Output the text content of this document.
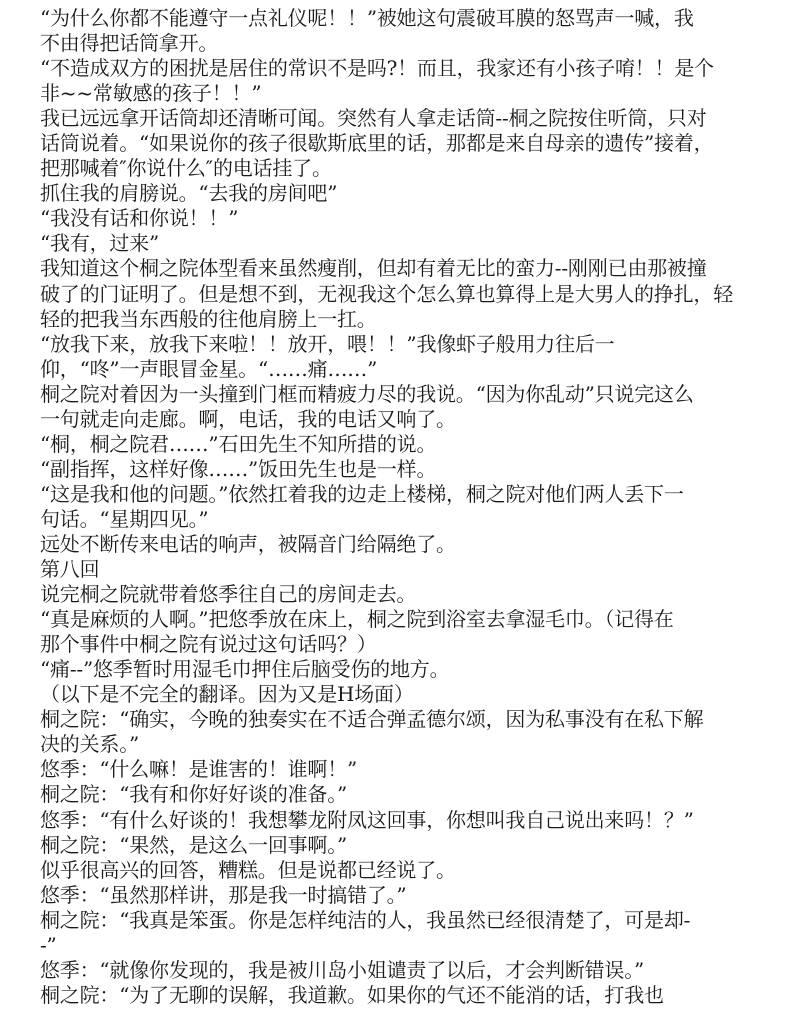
“为什么你都不能遵守一点礼仪呢！！”被她这句震破耳膜的怒骂声一喊，我
不由得把话筒拿开。
“不造成双方的困扰是居住的常识不是吗?！而且，我家还有小孩子唷！！是个
非~~常敏感的孩子！！”
我已远远拿开话筒却还清晰可闻。突然有人拿走话筒--桐之院按住听筒，只对
话筒说着。“如果说你的孩子很歇斯底里的话，那都是来自母亲的遗传”接着，
把那喊着″你说什么″的电话挂了。
抓住我的肩膀说。“去我的房间吧”
“我没有话和你说！！”
“我有，过来”
我知道这个桐之院体型看来虽然瘦削，但却有着无比的蛮力--刚刚已由那被撞
破了的门证明了。但是想不到，无视我这个怎么算也算得上是大男人的挣扎，轻
轻的把我当东西般的往他肩膀上一扛。
“放我下来，放我下来啦！！放开，喂！！”我像虾子般用力往后一
仰，“咚”一声眼冒金星。“……痛……”
桐之院对着因为一头撞到门框而精疲力尽的我说。“因为你乱动”只说完这么
一句就走向走廊。啊，电话，我的电话又响了。
“桐，桐之院君……”石田先生不知所措的说。
“副指挥，这样好像……”饭田先生也是一样。
“这是我和他的问题。”依然扛着我的边走上楼梯，桐之院对他们两人丢下一
句话。“星期四见。”
远处不断传来电话的响声，被隔音门给隔绝了。
第八回
说完桐之院就带着悠季往自己的房间走去。
“真是麻烦的人啊。”把悠季放在床上，桐之院到浴室去拿湿毛巾。（记得在
那个事件中桐之院有说过这句话吗？）
“痛--”悠季暂时用湿毛巾押住后脑受伤的地方。
（以下是不完全的翻译。因为又是H场面）
桐之院：“确实，今晚的独奏实在不适合弹孟德尔颂，因为私事没有在私下解
决的关系。”
悠季：“什么嘛！是谁害的！谁啊！”
桐之院：“我有和你好好谈的准备。”
悠季：“有什么好谈的！我想攀龙附凤这回事，你想叫我自己说出来吗！？”
桐之院：“果然，是这么一回事啊。”
似乎很高兴的回答，糟糕。但是说都已经说了。
悠季：“虽然那样讲，那是我一时搞错了。”
桐之院：“我真是笨蛋。你是怎样纯洁的人，我虽然已经很清楚了，可是却-
-”
悠季：“就像你发现的，我是被川岛小姐谴责了以后，才会判断错误。”
桐之院：“为了无聊的误解，我道歉。如果你的气还不能消的话，打我也
